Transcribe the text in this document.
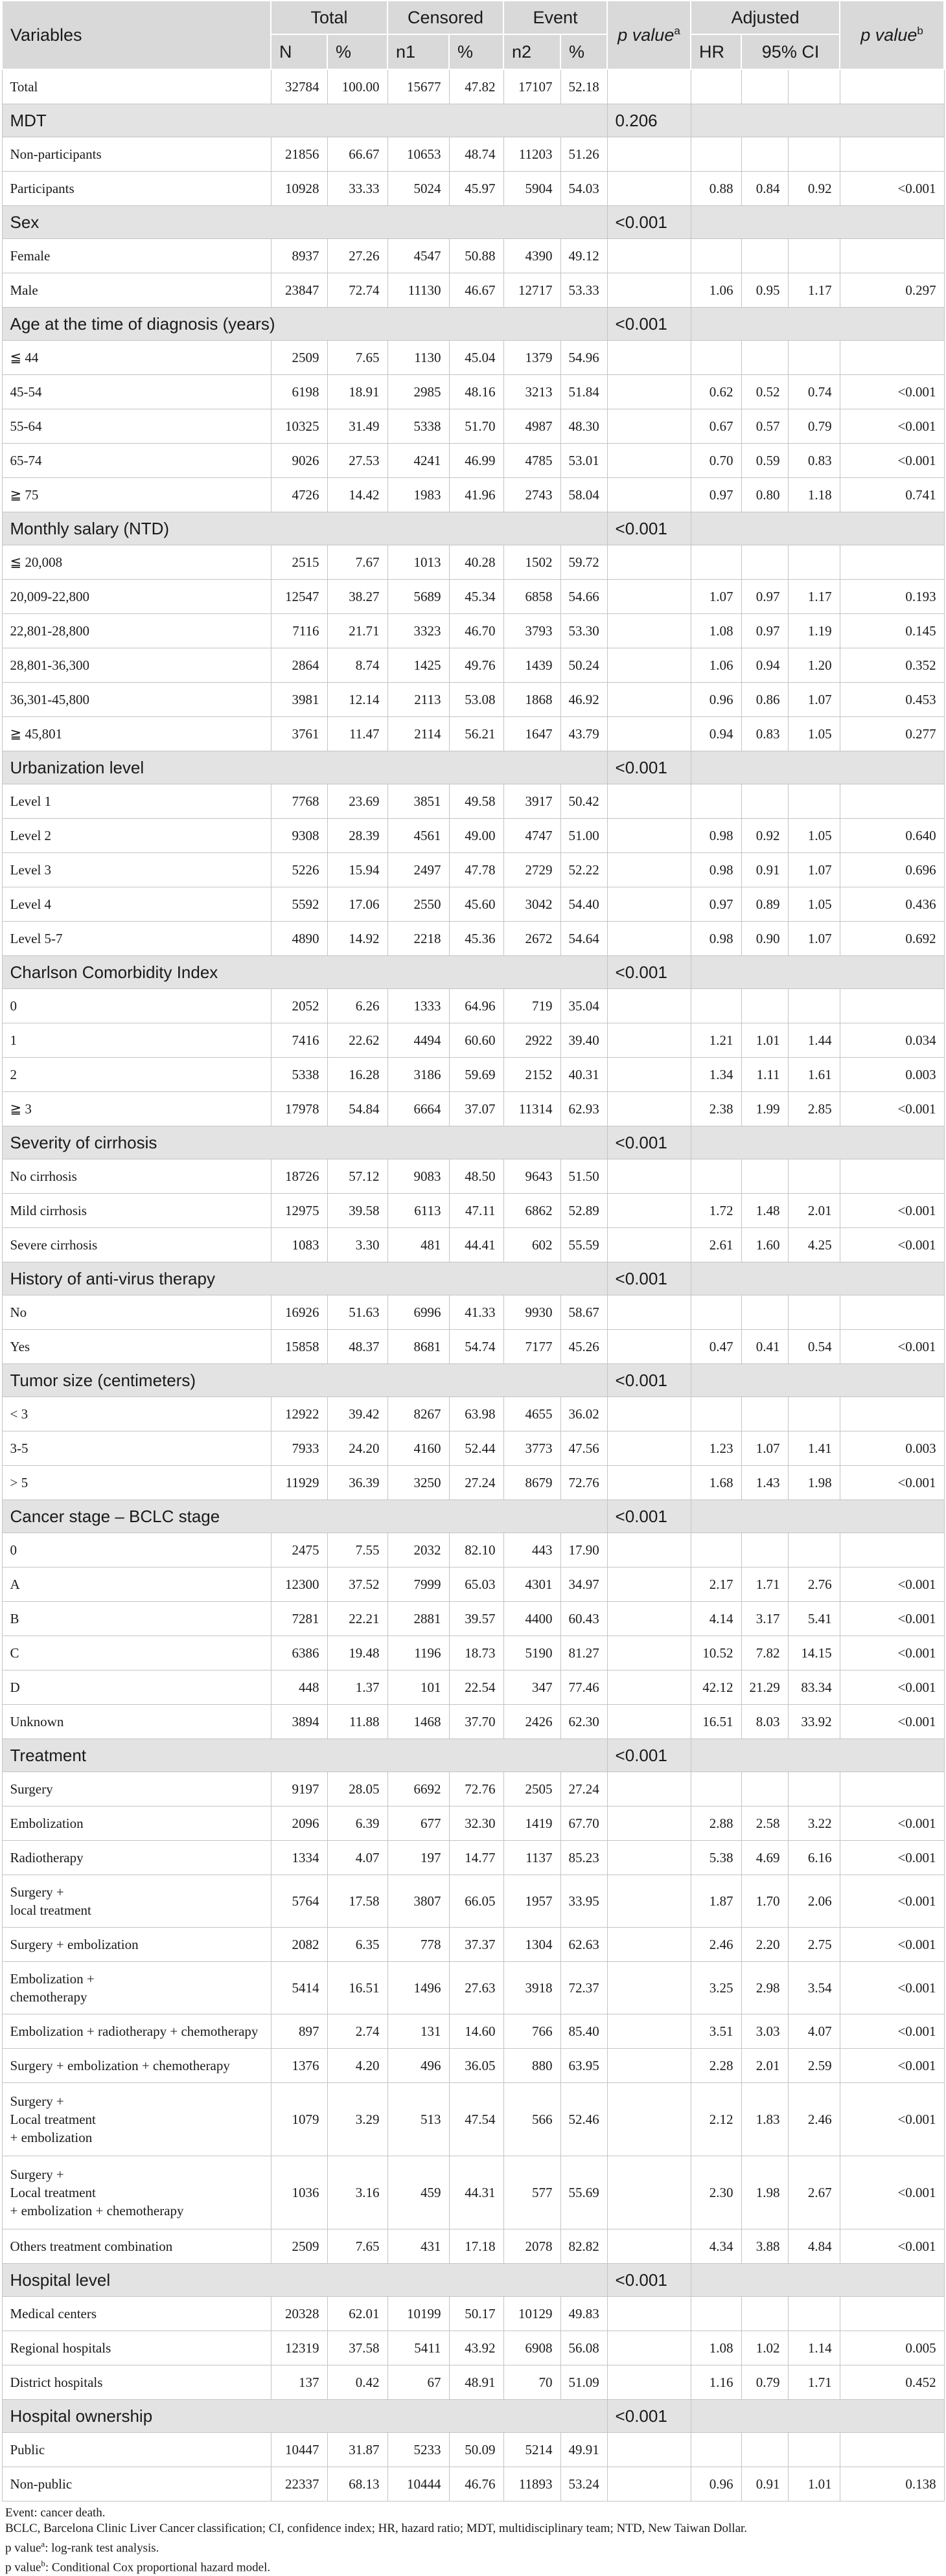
Variables	Total		Censored		Event		p value$^a$	Adjusted			p value$^b$
	N	%	n1	%	n2	%		HR	95% CI		
Total	32784	100.00	15677	47.82	17107	52.18					
MDT							0.206				
Non-participants	21856	66.67	10653	48.74	11203	51.26					
Participants	10928	33.33	5024	45.97	5904	54.03		0.88	0.84	0.92	<0.001
Sex							<0.001				
Female	8937	27.26	4547	50.88	4390	49.12					
Male	23847	72.74	11130	46.67	12717	53.33		1.06	0.95	1.17	0.297
Age at the time of diagnosis (years)							<0.001				
≦ 44	2509	7.65	1130	45.04	1379	54.96					
45-54	6198	18.91	2985	48.16	3213	51.84		0.62	0.52	0.74	<0.001
55-64	10325	31.49	5338	51.70	4987	48.30		0.67	0.57	0.79	<0.001
65-74	9026	27.53	4241	46.99	4785	53.01		0.70	0.59	0.83	<0.001
≧ 75	4726	14.42	1983	41.96	2743	58.04		0.97	0.80	1.18	0.741
Monthly salary (NTD)							<0.001				
≦ 20,008	2515	7.67	1013	40.28	1502	59.72					
20,009-22,800	12547	38.27	5689	45.34	6858	54.66		1.07	0.97	1.17	0.193
22,801-28,800	7116	21.71	3323	46.70	3793	53.30		1.08	0.97	1.19	0.145
28,801-36,300	2864	8.74	1425	49.76	1439	50.24		1.06	0.94	1.20	0.352
36,301-45,800	3981	12.14	2113	53.08	1868	46.92		0.96	0.86	1.07	0.453
≧ 45,801	3761	11.47	2114	56.21	1647	43.79		0.94	0.83	1.05	0.277
Urbanization level							<0.001				
Level 1	7768	23.69	3851	49.58	3917	50.42					
Level 2	9308	28.39	4561	49.00	4747	51.00		0.98	0.92	1.05	0.640
Level 3	5226	15.94	2497	47.78	2729	52.22		0.98	0.91	1.07	0.696
Level 4	5592	17.06	2550	45.60	3042	54.40		0.97	0.89	1.05	0.436
Level 5-7	4890	14.92	2218	45.36	2672	54.64		0.98	0.90	1.07	0.692
Charlson Comorbidity Index							<0.001				
0	2052	6.26	1333	64.96	719	35.04					
1	7416	22.62	4494	60.60	2922	39.40		1.21	1.01	1.44	0.034
2	5338	16.28	3186	59.69	2152	40.31		1.34	1.11	1.61	0.003
≧ 3	17978	54.84	6664	37.07	11314	62.93		2.38	1.99	2.85	<0.001
Severity of cirrhosis							<0.001				
No cirrhosis	18726	57.12	9083	48.50	9643	51.50					
Mild cirrhosis	12975	39.58	6113	47.11	6862	52.89		1.72	1.48	2.01	<0.001
Severe cirrhosis	1083	3.30	481	44.41	602	55.59		2.61	1.60	4.25	<0.001
History of anti-virus therapy							<0.001				
No	16926	51.63	6996	41.33	9930	58.67					
Yes	15858	48.37	8681	54.74	7177	45.26		0.47	0.41	0.54	<0.001
Tumor size (centimeters)							<0.001				
< 3	12922	39.42	8267	63.98	4655	36.02					
3-5	7933	24.20	4160	52.44	3773	47.56		1.23	1.07	1.41	0.003
> 5	11929	36.39	3250	27.24	8679	72.76		1.68	1.43	1.98	<0.001
Cancer stage – BCLC stage							<0.001				
0	2475	7.55	2032	82.10	443	17.90					
A	12300	37.52	7999	65.03	4301	34.97		2.17	1.71	2.76	<0.001
B	7281	22.21	2881	39.57	4400	60.43		4.14	3.17	5.41	<0.001
C	6386	19.48	1196	18.73	5190	81.27		10.52	7.82	14.15	<0.001
D	448	1.37	101	22.54	347	77.46		42.12	21.29	83.34	<0.001
Unknown	3894	11.88	1468	37.70	2426	62.30		16.51	8.03	33.92	<0.001
Treatment							<0.001				
Surgery	9197	28.05	6692	72.76	2505	27.24					
Embolization	2096	6.39	677	32.30	1419	67.70		2.88	2.58	3.22	<0.001
Radiotherapy	1334	4.07	197	14.77	1137	85.23		5.38	4.69	6.16	<0.001
Surgery +
local treatment	5764	17.58	3807	66.05	1957	33.95		1.87	1.70	2.06	<0.001
Surgery + embolization	2082	6.35	778	37.37	1304	62.63		2.46	2.20	2.75	<0.001
Embolization +
chemotherapy	5414	16.51	1496	27.63	3918	72.37		3.25	2.98	3.54	<0.001
Embolization + radiotherapy + chemotherapy	897	2.74	131	14.60	766	85.40		3.51	3.03	4.07	<0.001
Surgery + embolization + chemotherapy	1376	4.20	496	36.05	880	63.95		2.28	2.01	2.59	<0.001
Surgery +
Local treatment
+ embolization	1079	3.29	513	47.54	566	52.46		2.12	1.83	2.46	<0.001
Surgery +
Local treatment
+ embolization + chemotherapy	1036	3.16	459	44.31	577	55.69		2.30	1.98	2.67	<0.001
Others treatment combination	2509	7.65	431	17.18	2078	82.82		4.34	3.88	4.84	<0.001
Hospital level							<0.001				
Medical centers	20328	62.01	10199	50.17	10129	49.83					
Regional hospitals	12319	37.58	5411	43.92	6908	56.08		1.08	1.02	1.14	0.005
District hospitals	137	0.42	67	48.91	70	51.09		1.16	0.79	1.71	0.452
Hospital ownership							<0.001				
Public	10447	31.87	5233	50.09	5214	49.91					
Non-public	22337	68.13	10444	46.76	11893	53.24		0.96	0.91	1.01	0.138
Event: cancer death.
BCLC, Barcelona Clinic Liver Cancer classification; CI, confidence index; HR, hazard ratio; MDT, multidisciplinary team; NTD, New Taiwan Dollar.
p value$^a$: log-rank test analysis.
p value$^b$: Conditional Cox proportional hazard model.
